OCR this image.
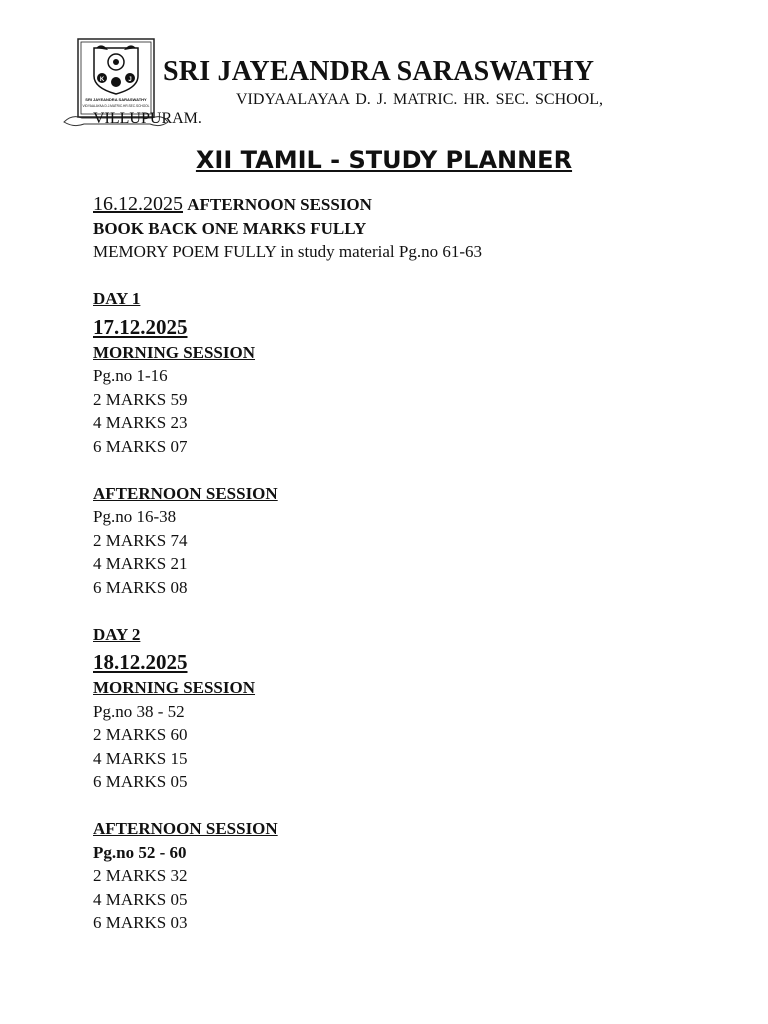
K	J
SRI JAYEANDRA SARASWATHY
VIDYAALAYAA D.J.MATRIC.HR.SEC.SCHOOL
SRI JAYEANDRA SARASWATHY
VIDYAALAYAA D. J. MATRIC. HR. SEC. SCHOOL,
VILLUPURAM.
XII TAMIL - STUDY PLANNER
16.12.2025 AFTERNOON SESSION
BOOK BACK ONE MARKS FULLY
MEMORY POEM FULLY in study material Pg.no 61-63
DAY 1
17.12.2025
MORNING SESSION
Pg.no 1-16
2 MARKS 59
4 MARKS 23
6 MARKS 07
AFTERNOON SESSION
Pg.no 16-38
2 MARKS 74
4 MARKS 21
6 MARKS 08
DAY 2
18.12.2025
MORNING SESSION
Pg.no 38 - 52
2 MARKS 60
4 MARKS 15
6 MARKS 05
AFTERNOON SESSION
Pg.no 52 - 60
2 MARKS 32
4 MARKS 05
6 MARKS 03
